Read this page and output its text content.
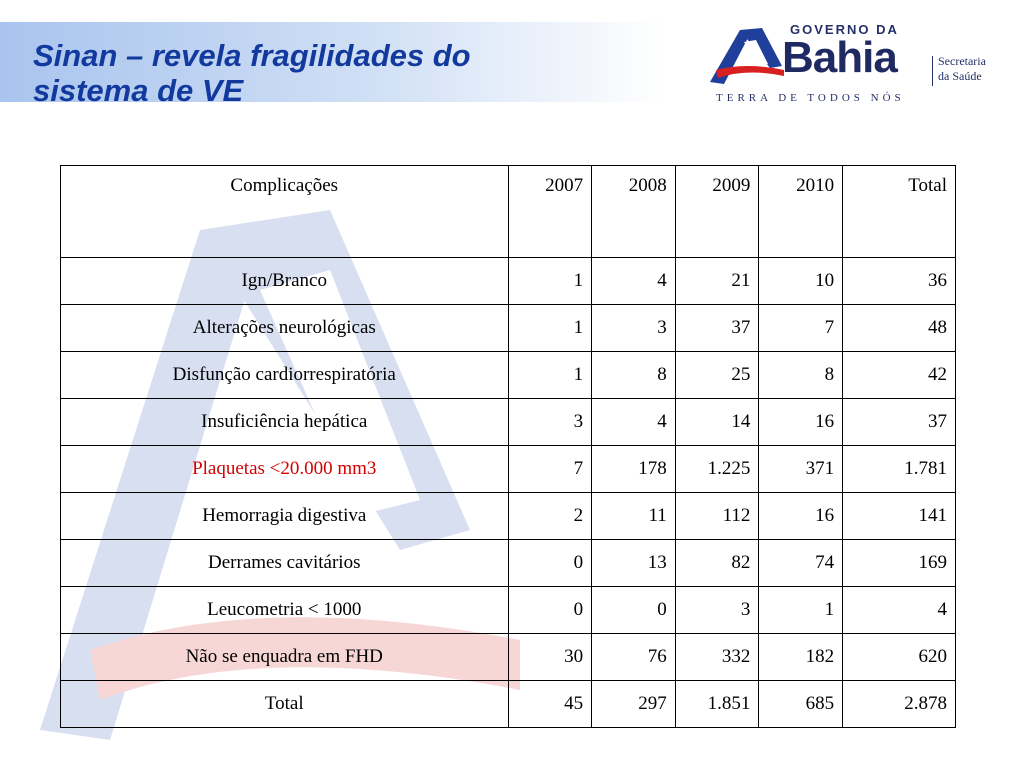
Sinan – revela fragilidades do
sistema de VE
GOVERNO DA
Bahia
TERRA DE TODOS NÓS
Secretaria
da Saúde
Complicações	2007	2008	2009	2010	Total
Ign/Branco	1	4	21	10	36
Alterações neurológicas	1	3	37	7	48
Disfunção cardiorrespiratória	1	8	25	8	42
Insuficiência hepática	3	4	14	16	37
Plaquetas <20.000 mm3	7	178	1.225	371	1.781
Hemorragia digestiva	2	11	112	16	141
Derrames cavitários	0	13	82	74	169
Leucometria < 1000	0	0	3	1	4
Não se enquadra em FHD	30	76	332	182	620
Total	45	297	1.851	685	2.878
